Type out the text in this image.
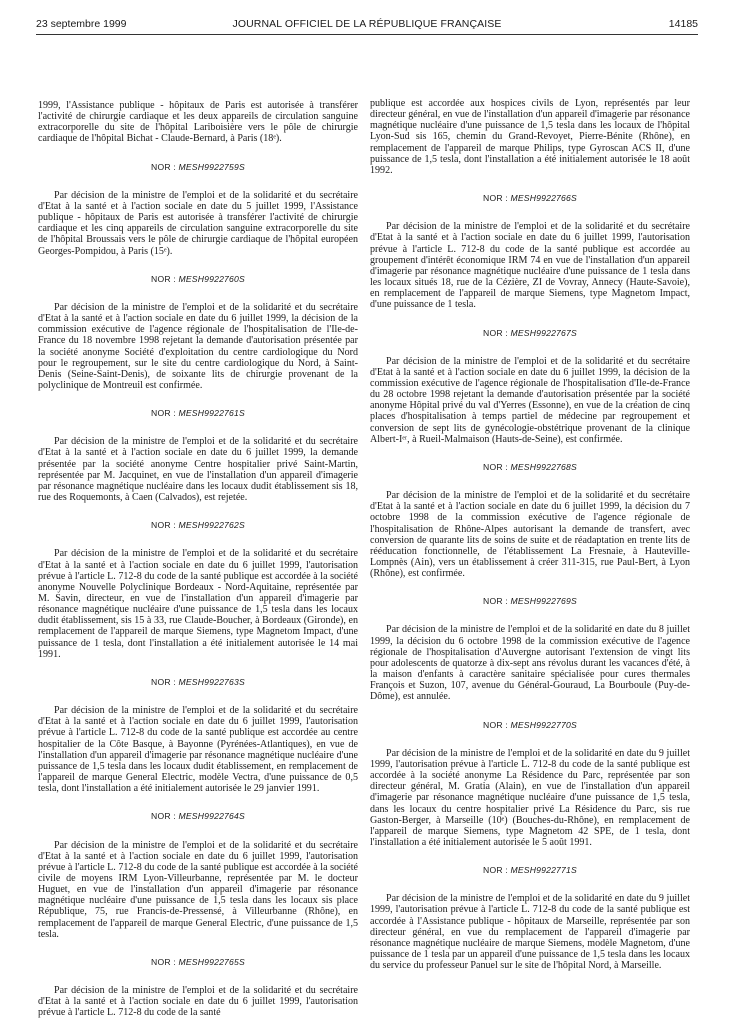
23 septembre 1999	JOURNAL OFFICIEL DE LA RÉPUBLIQUE FRANÇAISE	14185

1999, l'Assistance publique - hôpitaux de Paris est autorisée à transférer l'activité de chirurgie cardiaque et les deux appareils de circulation sanguine extracorporelle du site de l'hôpital Lariboisière vers le pôle de chirurgie cardiaque de l'hôpital Bichat - Claude-Bernard, à Paris (18ᵉ).

NOR : MESH9922759S

Par décision de la ministre de l'emploi et de la solidarité et du secrétaire d'Etat à la santé et à l'action sociale en date du 5 juillet 1999, l'Assistance publique - hôpitaux de Paris est autorisée à transférer l'activité de chirurgie cardiaque et les cinq appareils de circulation sanguine extracorporelle du site de l'hôpital Broussais vers le pôle de chirurgie cardiaque de l'hôpital européen Georges-Pompidou, à Paris (15ᵉ).

NOR : MESH9922760S

Par décision de la ministre de l'emploi et de la solidarité et du secrétaire d'Etat à la santé et à l'action sociale en date du 6 juillet 1999, la décision de la commission exécutive de l'agence régionale de l'hospitalisation de l'Ile-de-France du 18 novembre 1998 rejetant la demande d'autorisation présentée par la société anonyme Société d'exploitation du centre cardiologique du Nord pour le regroupement, sur le site du centre cardiologique du Nord, à Saint-Denis (Seine-Saint-Denis), de soixante lits de chirurgie provenant de la polyclinique de Montreuil est confirmée.

NOR : MESH9922761S

Par décision de la ministre de l'emploi et de la solidarité et du secrétaire d'Etat à la santé et à l'action sociale en date du 6 juillet 1999, la demande présentée par la société anonyme Centre hospitalier privé Saint-Martin, représentée par M. Jacquinet, en vue de l'installation d'un appareil d'imagerie par résonance magnétique nucléaire dans les locaux dudit établissement sis 18, rue des Roquemonts, à Caen (Calvados), est rejetée.

NOR : MESH9922762S

Par décision de la ministre de l'emploi et de la solidarité et du secrétaire d'Etat à la santé et à l'action sociale en date du 6 juillet 1999, l'autorisation prévue à l'article L. 712-8 du code de la santé publique est accordée à la société anonyme Nouvelle Polyclinique Bordeaux - Nord-Aquitaine, représentée par M. Savin, directeur, en vue de l'installation d'un appareil d'imagerie par résonance magnétique nucléaire d'une puissance de 1,5 tesla dans les locaux dudit établissement, sis 15 à 33, rue Claude-Boucher, à Bordeaux (Gironde), en remplacement de l'appareil de marque Siemens, type Magnetom Impact, d'une puissance de 1 tesla, dont l'installation a été initialement autorisée le 14 mai 1991.

NOR : MESH9922763S

Par décision de la ministre de l'emploi et de la solidarité et du secrétaire d'Etat à la santé et à l'action sociale en date du 6 juillet 1999, l'autorisation prévue à l'article L. 712-8 du code de la santé publique est accordée au centre hospitalier de la Côte Basque, à Bayonne (Pyrénées-Atlantiques), en vue de l'installation d'un appareil d'imagerie par résonance magnétique nucléaire d'une puissance de 1,5 tesla dans les locaux dudit établissement, en remplacement de l'appareil de marque General Electric, modèle Vectra, d'une puissance de 0,5 tesla, dont l'installation a été initialement autorisée le 29 janvier 1991.

NOR : MESH9922764S

Par décision de la ministre de l'emploi et de la solidarité et du secrétaire d'Etat à la santé et à l'action sociale en date du 6 juillet 1999, l'autorisation prévue à l'article L. 712-8 du code de la santé publique est accordée à la société civile de moyens IRM Lyon-Villeurbanne, représentée par M. le docteur Huguet, en vue de l'installation d'un appareil d'imagerie par résonance magnétique nucléaire d'une puissance de 1,5 tesla dans les locaux sis place République, 75, rue Francis-de-Pressensé, à Villeurbanne (Rhône), en remplacement de l'appareil de marque General Electric, d'une puissance de 1,5 tesla.

NOR : MESH9922765S

Par décision de la ministre de l'emploi et de la solidarité et du secrétaire d'Etat à la santé et à l'action sociale en date du 6 juillet 1999, l'autorisation prévue à l'article L. 712-8 du code de la santé

publique est accordée aux hospices civils de Lyon, représentés par leur directeur général, en vue de l'installation d'un appareil d'imagerie par résonance magnétique nucléaire d'une puissance de 1,5 tesla dans les locaux de l'hôpital Lyon-Sud sis 165, chemin du Grand-Revoyet, Pierre-Bénite (Rhône), en remplacement de l'appareil de marque Philips, type Gyroscan ACS II, d'une puissance de 1,5 tesla, dont l'installation a été initialement autorisée le 18 août 1992.

NOR : MESH9922766S

Par décision de la ministre de l'emploi et de la solidarité et du secrétaire d'Etat à la santé et à l'action sociale en date du 6 juillet 1999, l'autorisation prévue à l'article L. 712-8 du code de la santé publique est accordée au groupement d'intérêt économique IRM 74 en vue de l'installation d'un appareil d'imagerie par résonance magnétique nucléaire d'une puissance de 1 tesla dans les locaux situés 18, rue de la Cézière, ZI de Vovray, Annecy (Haute-Savoie), en remplacement de l'appareil de marque Siemens, type Magnetom Impact, d'une puissance de 1 tesla.

NOR : MESH9922767S

Par décision de la ministre de l'emploi et de la solidarité et du secrétaire d'Etat à la santé et à l'action sociale en date du 6 juillet 1999, la décision de la commission exécutive de l'agence régionale de l'hospitalisation d'Ile-de-France du 28 octobre 1998 rejetant la demande d'autorisation présentée par la société anonyme Hôpital privé du val d'Yerres (Essonne), en vue de la création de cinq places d'hospitalisation à temps partiel de médecine par regroupement et conversion de sept lits de gynécologie-obstétrique provenant de la clinique Albert-Iᵉʳ, à Rueil-Malmaison (Hauts-de-Seine), est confirmée.

NOR : MESH9922768S

Par décision de la ministre de l'emploi et de la solidarité et du secrétaire d'Etat à la santé et à l'action sociale en date du 6 juillet 1999, la décision du 7 octobre 1998 de la commission exécutive de l'agence régionale de l'hospitalisation de Rhône-Alpes autorisant la demande de transfert, avec conversion de quarante lits de soins de suite et de réadaptation en trente lits de rééducation fonctionnelle, de l'établissement La Fresnaie, à Hauteville-Lompnès (Ain), vers un établissement à créer 311-315, rue Paul-Bert, à Lyon (Rhône), est confirmée.

NOR : MESH9922769S

Par décision de la ministre de l'emploi et de la solidarité en date du 8 juillet 1999, la décision du 6 octobre 1998 de la commission exécutive de l'agence régionale de l'hospitalisation d'Auvergne autorisant l'extension de vingt lits pour adolescents de quatorze à dix-sept ans révolus durant les vacances d'été, à la maison d'enfants à caractère sanitaire spécialisée pour cures thermales François et Suzon, 107, avenue du Général-Gouraud, La Bourboule (Puy-de-Dôme), est annulée.

NOR : MESH9922770S

Par décision de la ministre de l'emploi et de la solidarité en date du 9 juillet 1999, l'autorisation prévue à l'article L. 712-8 du code de la santé publique est accordée à la société anonyme La Résidence du Parc, représentée par son directeur général, M. Gratia (Alain), en vue de l'installation d'un appareil d'imagerie par résonance magnétique nucléaire d'une puissance de 1,5 tesla, dans les locaux du centre hospitalier privé La Résidence du Parc, sis rue Gaston-Berger, à Marseille (10ᵉ) (Bouches-du-Rhône), en remplacement de l'appareil de marque Siemens, type Magnetom 42 SPE, de 1 tesla, dont l'installation a été initialement autorisée le 5 août 1991.

NOR : MESH9922771S

Par décision de la ministre de l'emploi et de la solidarité en date du 9 juillet 1999, l'autorisation prévue à l'article L. 712-8 du code de la santé publique est accordée à l'Assistance publique - hôpitaux de Marseille, représentée par son directeur général, en vue du remplacement de l'appareil d'imagerie par résonance magnétique nucléaire de marque Siemens, modèle Magnetom, d'une puissance de 1 tesla par un appareil d'une puissance de 1,5 tesla dans les locaux du service du professeur Panuel sur le site de l'hôpital Nord, à Marseille.
